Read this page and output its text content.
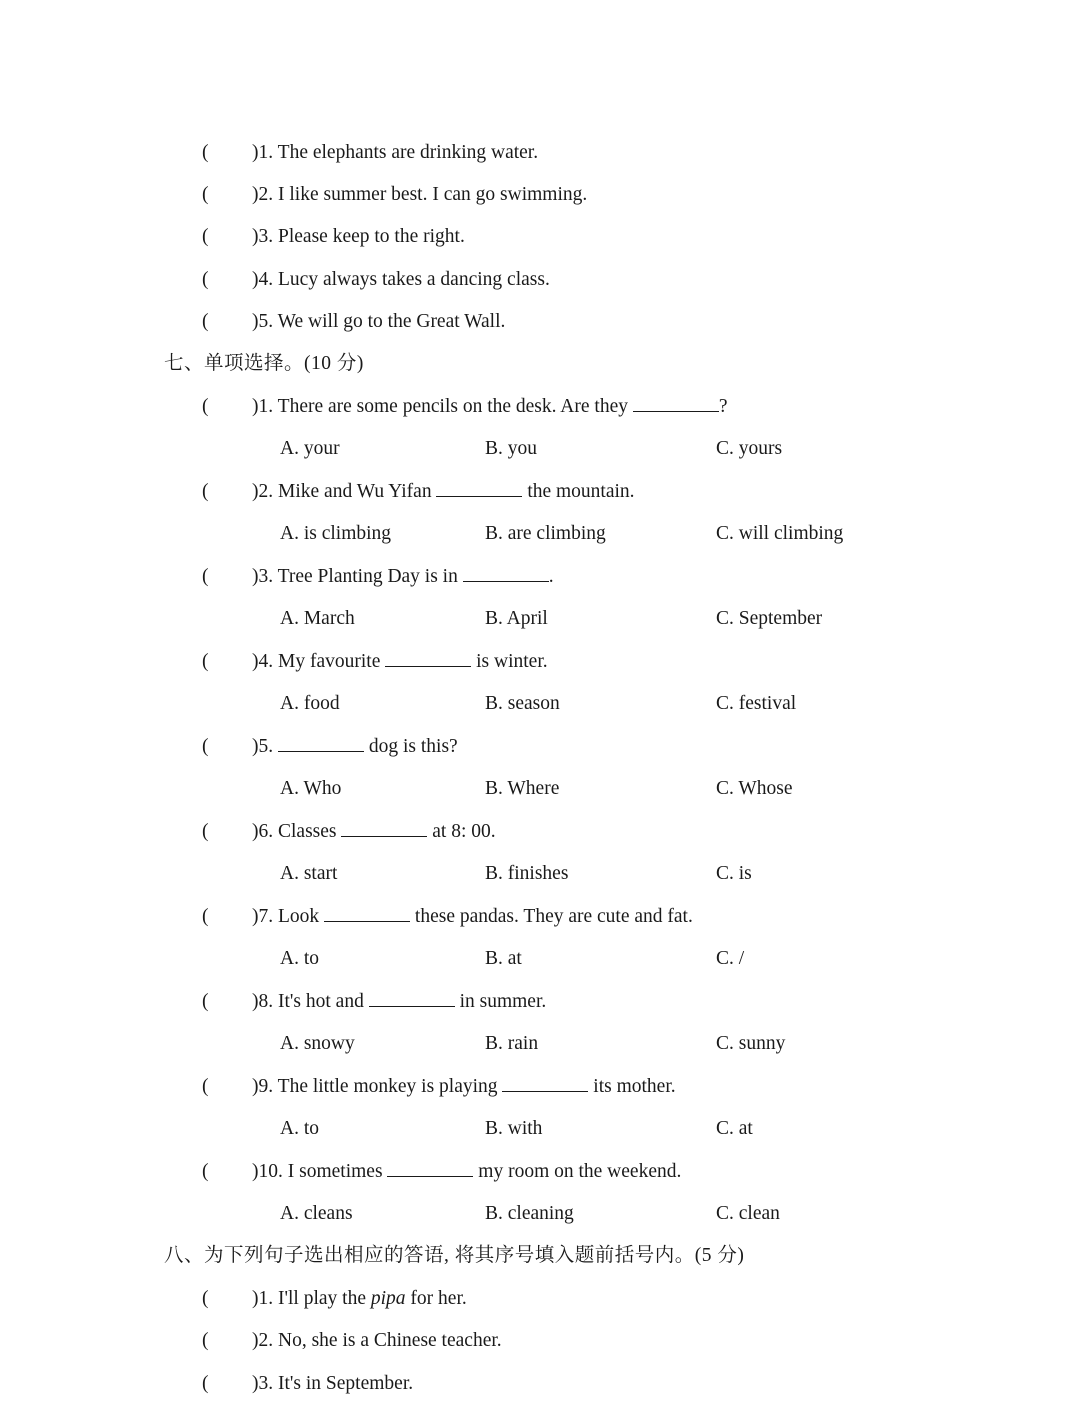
( )1. The elephants are drinking water.
( )2. I like summer best. I can go swimming.
( )3. Please keep to the right.
( )4. Lucy always takes a dancing class.
( )5. We will go to the Great Wall.
七、单项选择。(10 分)
( )1. There are some pencils on the desk. Are they	?
A. your	B. you	C. yours
( )2. Mike and Wu Yifan	the mountain.
A. is climbing	B. are climbing	C. will climbing
( )3. Tree Planting Day is in	.
A. March	B. April	C. September
( )4. My favourite	is winter.
A. food	B. season	C. festival
( )5.	dog is this?
A. Who	B. Where	C. Whose
( )6. Classes	at 8: 00.
A. start	B. finishes	C. is
( )7. Look	these pandas. They are cute and fat.
A. to	B. at	C. /
( )8. It's hot and	in summer.
A. snowy	B. rain	C. sunny
( )9. The little monkey is playing	its mother.
A. to	B. with	C. at
( )10. I sometimes	my room on the weekend.
A. cleans	B. cleaning	C. clean
八、为下列句子选出相应的答语, 将其序号填入题前括号内。(5 分)
( )1. I'll play the pipa for her.
( )2. No, she is a Chinese teacher.
( )3. It's in September.
